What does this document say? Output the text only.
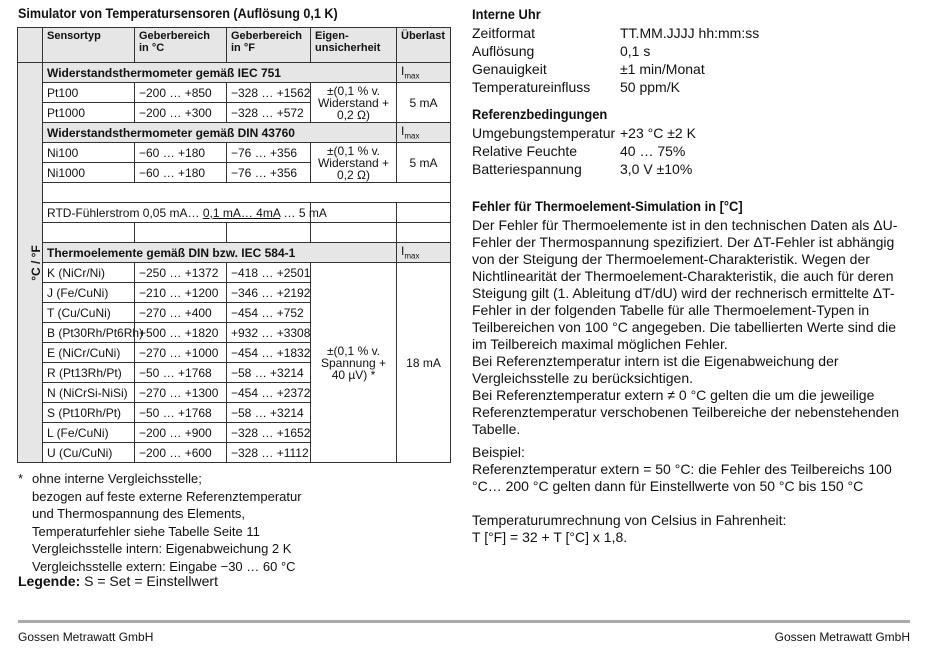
Simulator von Temperatursensoren (Auflösung 0,1 K)
	Sensortyp	Geberbereich in °C	Geberbereich in °F	Eigen-unsicherheit	Überlast
°C / °F	Widerstandsthermometer gemäß IEC 751				$I_{max}$
	Pt100	−200 … +850	−328 … +1562	±(0,1 % v. Widerstand + 0,2 Ω)	5 mA
	Pt1000	−200 … +300	−328 … +572		
	Widerstandsthermometer gemäß DIN 43760				$I_{max}$
	Ni100	−60 … +180	−76 … +356	±(0,1 % v. Widerstand + 0,2 Ω)	5 mA
	Ni1000	−60 … +180	−76 … +356		

	RTD-Fühlerstrom 0,05 mA… 0,1 mA… 4mA … 5 mA				

	Thermoelemente gemäß DIN bzw. IEC 584-1				$I_{max}$
	K (NiCr/Ni)	−250 … +1372	−418 … +2501	±(0,1 % v. Spannung + 40 µV) *	18 mA
	J (Fe/CuNi)	−210 … +1200	−346 … +2192		
	T (Cu/CuNi)	−270 … +400	−454 … +752		
	B (Pt30Rh/Pt6Rh)	+500 … +1820	+932 … +3308		
	E (NiCr/CuNi)	−270 … +1000	−454 … +1832		
	R (Pt13Rh/Pt)	−50 … +1768	−58 … +3214		
	N (NiCrSi-NiSi)	−270 … +1300	−454 … +2372		
	S (Pt10Rh/Pt)	−50 … +1768	−58 … +3214		
	L (Fe/CuNi)	−200 … +900	−328 … +1652		
	U (Cu/CuNi)	−200 … +600	−328 … +1112		
* ohne interne Vergleichsstelle;
bezogen auf feste externe Referenztemperatur
und Thermospannung des Elements,
Temperaturfehler siehe Tabelle Seite 11
Vergleichsstelle intern: Eigenabweichung 2 K
Vergleichsstelle extern: Eingabe −30 … 60 °C
Legende: S = Set = Einstellwert
Interne Uhr
Zeitformat	TT.MM.JJJJ hh:mm:ss
Auflösung	0,1 s
Genauigkeit	±1 min/Monat
Temperatureinfluss	50 ppm/K
Referenzbedingungen
Umgebungstemperatur +23 °C ±2 K
Relative Feuchte	40 … 75%
Batteriespannung	3,0 V ±10%
Fehler für Thermoelement-Simulation in [°C]
Der Fehler für Thermoelemente ist in den technischen Daten als ΔU-Fehler der Thermospannung spezifiziert. Der ΔT-Fehler ist abhängig von der Steigung der Thermoelement-Charakteristik. Wegen der Nichtlinearität der Thermoelement-Charakteristik, die auch für deren Steigung gilt (1. Ableitung dT/dU) wird der rechnerisch ermittelte ΔT-Fehler in der folgenden Tabelle für alle Thermoelement-Typen in Teilbereichen von 100 °C angegeben. Die tabellierten Werte sind die im Teilbereich maximal möglichen Fehler.
Bei Referenztemperatur intern ist die Eigenabweichung der Vergleichsstelle zu berücksichtigen.
Bei Referenztemperatur extern ≠ 0 °C gelten die um die jeweilige Referenztemperatur verschobenen Teilbereiche der nebenstehenden Tabelle.
Beispiel:
Referenztemperatur extern = 50 °C: die Fehler des Teilbereichs 100 °C… 200 °C gelten dann für Einstellwerte von 50 °C bis 150 °C
Temperaturumrechnung von Celsius in Fahrenheit:
T [°F] = 32 + T [°C] x 1,8.
Gossen Metrawatt GmbH	Gossen Metrawatt GmbH
